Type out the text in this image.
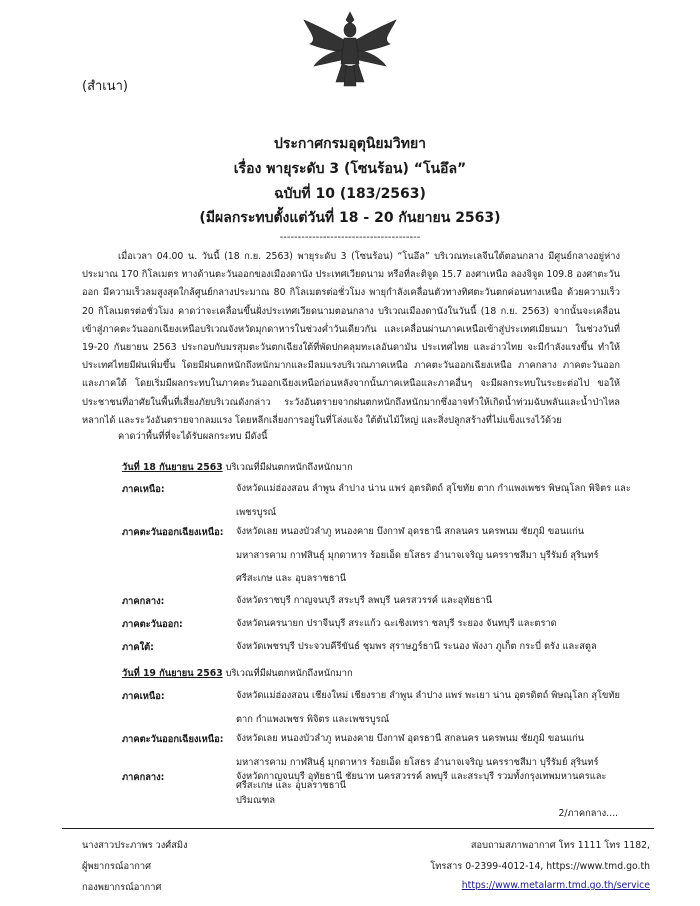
(สำเนา)
ประกาศกรมอุตุนิยมวิทยา
เรื่อง พายุระดับ 3 (โซนร้อน) “โนอึล”
ฉบับที่ 10 (183/2563)
(มีผลกระทบตั้งแต่วันที่ 18 - 20 กันยายน 2563)
---------------------------------------
เมื่อเวลา 04.00 น. วันนี้ (18 ก.ย. 2563) พายุระดับ 3 (โซนร้อน) “โนอึล” บริเวณทะเลจีนใต้ตอนกลาง มีศูนย์กลางอยู่ห่างประมาณ 170 กิโลเมตร ทางด้านตะวันออกของเมืองดานัง ประเทศเวียดนาม หรือที่ละติจูด 15.7 องศาเหนือ ลองจิจูด 109.8 องศาตะวันออก มีความเร็วลมสูงสุดใกล้ศูนย์กลางประมาณ 80 กิโลเมตรต่อชั่วโมง พายุกำลังเคลื่อนตัวทางทิศตะวันตกค่อนทางเหนือ ด้วยความเร็ว 20 กิโลเมตรต่อชั่วโมง คาดว่าจะเคลื่อนขึ้นฝั่งประเทศเวียดนามตอนกลาง บริเวณเมืองดานังในวันนี้ (18 ก.ย. 2563) จากนั้นจะเคลื่อนเข้าสู่ภาคตะวันออกเฉียงเหนือบริเวณจังหวัดมุกดาหารในช่วงค่ำวันเดียวกัน และเคลื่อนผ่านภาคเหนือเข้าสู่ประเทศเมียนมา ในช่วงวันที่ 19-20 กันยายน 2563 ประกอบกับมรสุมตะวันตกเฉียงใต้ที่พัดปกคลุมทะเลอันดามัน ประเทศไทย และอ่าวไทย จะมีกำลังแรงขึ้น ทำให้ประเทศไทยมีฝนเพิ่มขึ้น โดยมีฝนตกหนักถึงหนักมากและมีลมแรงบริเวณภาคเหนือ ภาคตะวันออกเฉียงเหนือ ภาคกลาง ภาคตะวันออก และภาคใต้ โดยเริ่มมีผลกระทบในภาคตะวันออกเฉียงเหนือก่อนหลังจากนั้นภาคเหนือและภาคอื่นๆ จะมีผลกระทบในระยะต่อไป ขอให้ประชาชนที่อาศัยในพื้นที่เสี่ยงภัยบริเวณดังกล่าว ระวังอันตรายจากฝนตกหนักถึงหนักมากซึ่งอาจทำให้เกิดน้ำท่วมฉับพลันและน้ำป่าไหลหลากได้ และระวังอันตรายจากลมแรง โดยหลีกเลี่ยงการอยู่ในที่โล่งแจ้ง ใต้ต้นไม้ใหญ่ และสิ่งปลูกสร้างที่ไม่แข็งแรงไว้ด้วย
คาดว่าพื้นที่ที่จะได้รับผลกระทบ มีดังนี้
วันที่ 18 กันยายน 2563 บริเวณที่มีฝนตกหนักถึงหนักมาก
ภาคเหนือ:	จังหวัดแม่ฮ่องสอน ลำพูน ลำปาง น่าน แพร่ อุตรดิตถ์ สุโขทัย ตาก กำแพงเพชร พิษณุโลก พิจิตร และเพชรบูรณ์
ภาคตะวันออกเฉียงเหนือ: จังหวัดเลย หนองบัวลำภู หนองคาย บึงกาฬ อุดรธานี สกลนคร นครพนม ชัยภูมิ ขอนแก่น มหาสารคาม กาฬสินธุ์ มุกดาหาร ร้อยเอ็ด ยโสธร อำนาจเจริญ นครราชสีมา บุรีรัมย์ สุรินทร์ ศรีสะเกษ และ อุบลราชธานี
ภาคกลาง:	จังหวัดราชบุรี กาญจนบุรี สระบุรี ลพบุรี นครสวรรค์ และอุทัยธานี
ภาคตะวันออก:	จังหวัดนครนายก ปราจีนบุรี สระแก้ว ฉะเชิงเทรา ชลบุรี ระยอง จันทบุรี และตราด
ภาคใต้:	จังหวัดเพชรบุรี ประจวบคีรีขันธ์ ชุมพร สุราษฎร์ธานี ระนอง พังงา ภูเก็ต กระบี่ ตรัง และสตูล
วันที่ 19 กันยายน 2563 บริเวณที่มีฝนตกหนักถึงหนักมาก
ภาคเหนือ:	จังหวัดแม่ฮ่องสอน เชียงใหม่ เชียงราย ลำพูน ลำปาง แพร่ พะเยา น่าน อุตรดิตถ์ พิษณุโลก สุโขทัย ตาก กำแพงเพชร พิจิตร และเพชรบูรณ์
ภาคตะวันออกเฉียงเหนือ: จังหวัดเลย หนองบัวลำภู หนองคาย บึงกาฬ อุดรธานี สกลนคร นครพนม ชัยภูมิ ขอนแก่น มหาสารคาม กาฬสินธุ์ มุกดาหาร ร้อยเอ็ด ยโสธร อำนาจเจริญ นครราชสีมา บุรีรัมย์ สุรินทร์ ศรีสะเกษ และ อุบลราชธานี
ภาคกลาง:	จังหวัดกาญจนบุรี อุทัยธานี ชัยนาท นครสวรรค์ ลพบุรี และสระบุรี รวมทั้งกรุงเทพมหานครและปริมณฑล
2/ภาคกลาง....
นางสาวประภาพร วงศ์สมิง
ผู้พยากรณ์อากาศ
กองพยากรณ์อากาศ
สอบถามสภาพอากาศ โทร 1111 โทร 1182,
โทรสาร 0-2399-4012-14, https://www.tmd.go.th
https://www.metalarm.tmd.go.th/service
